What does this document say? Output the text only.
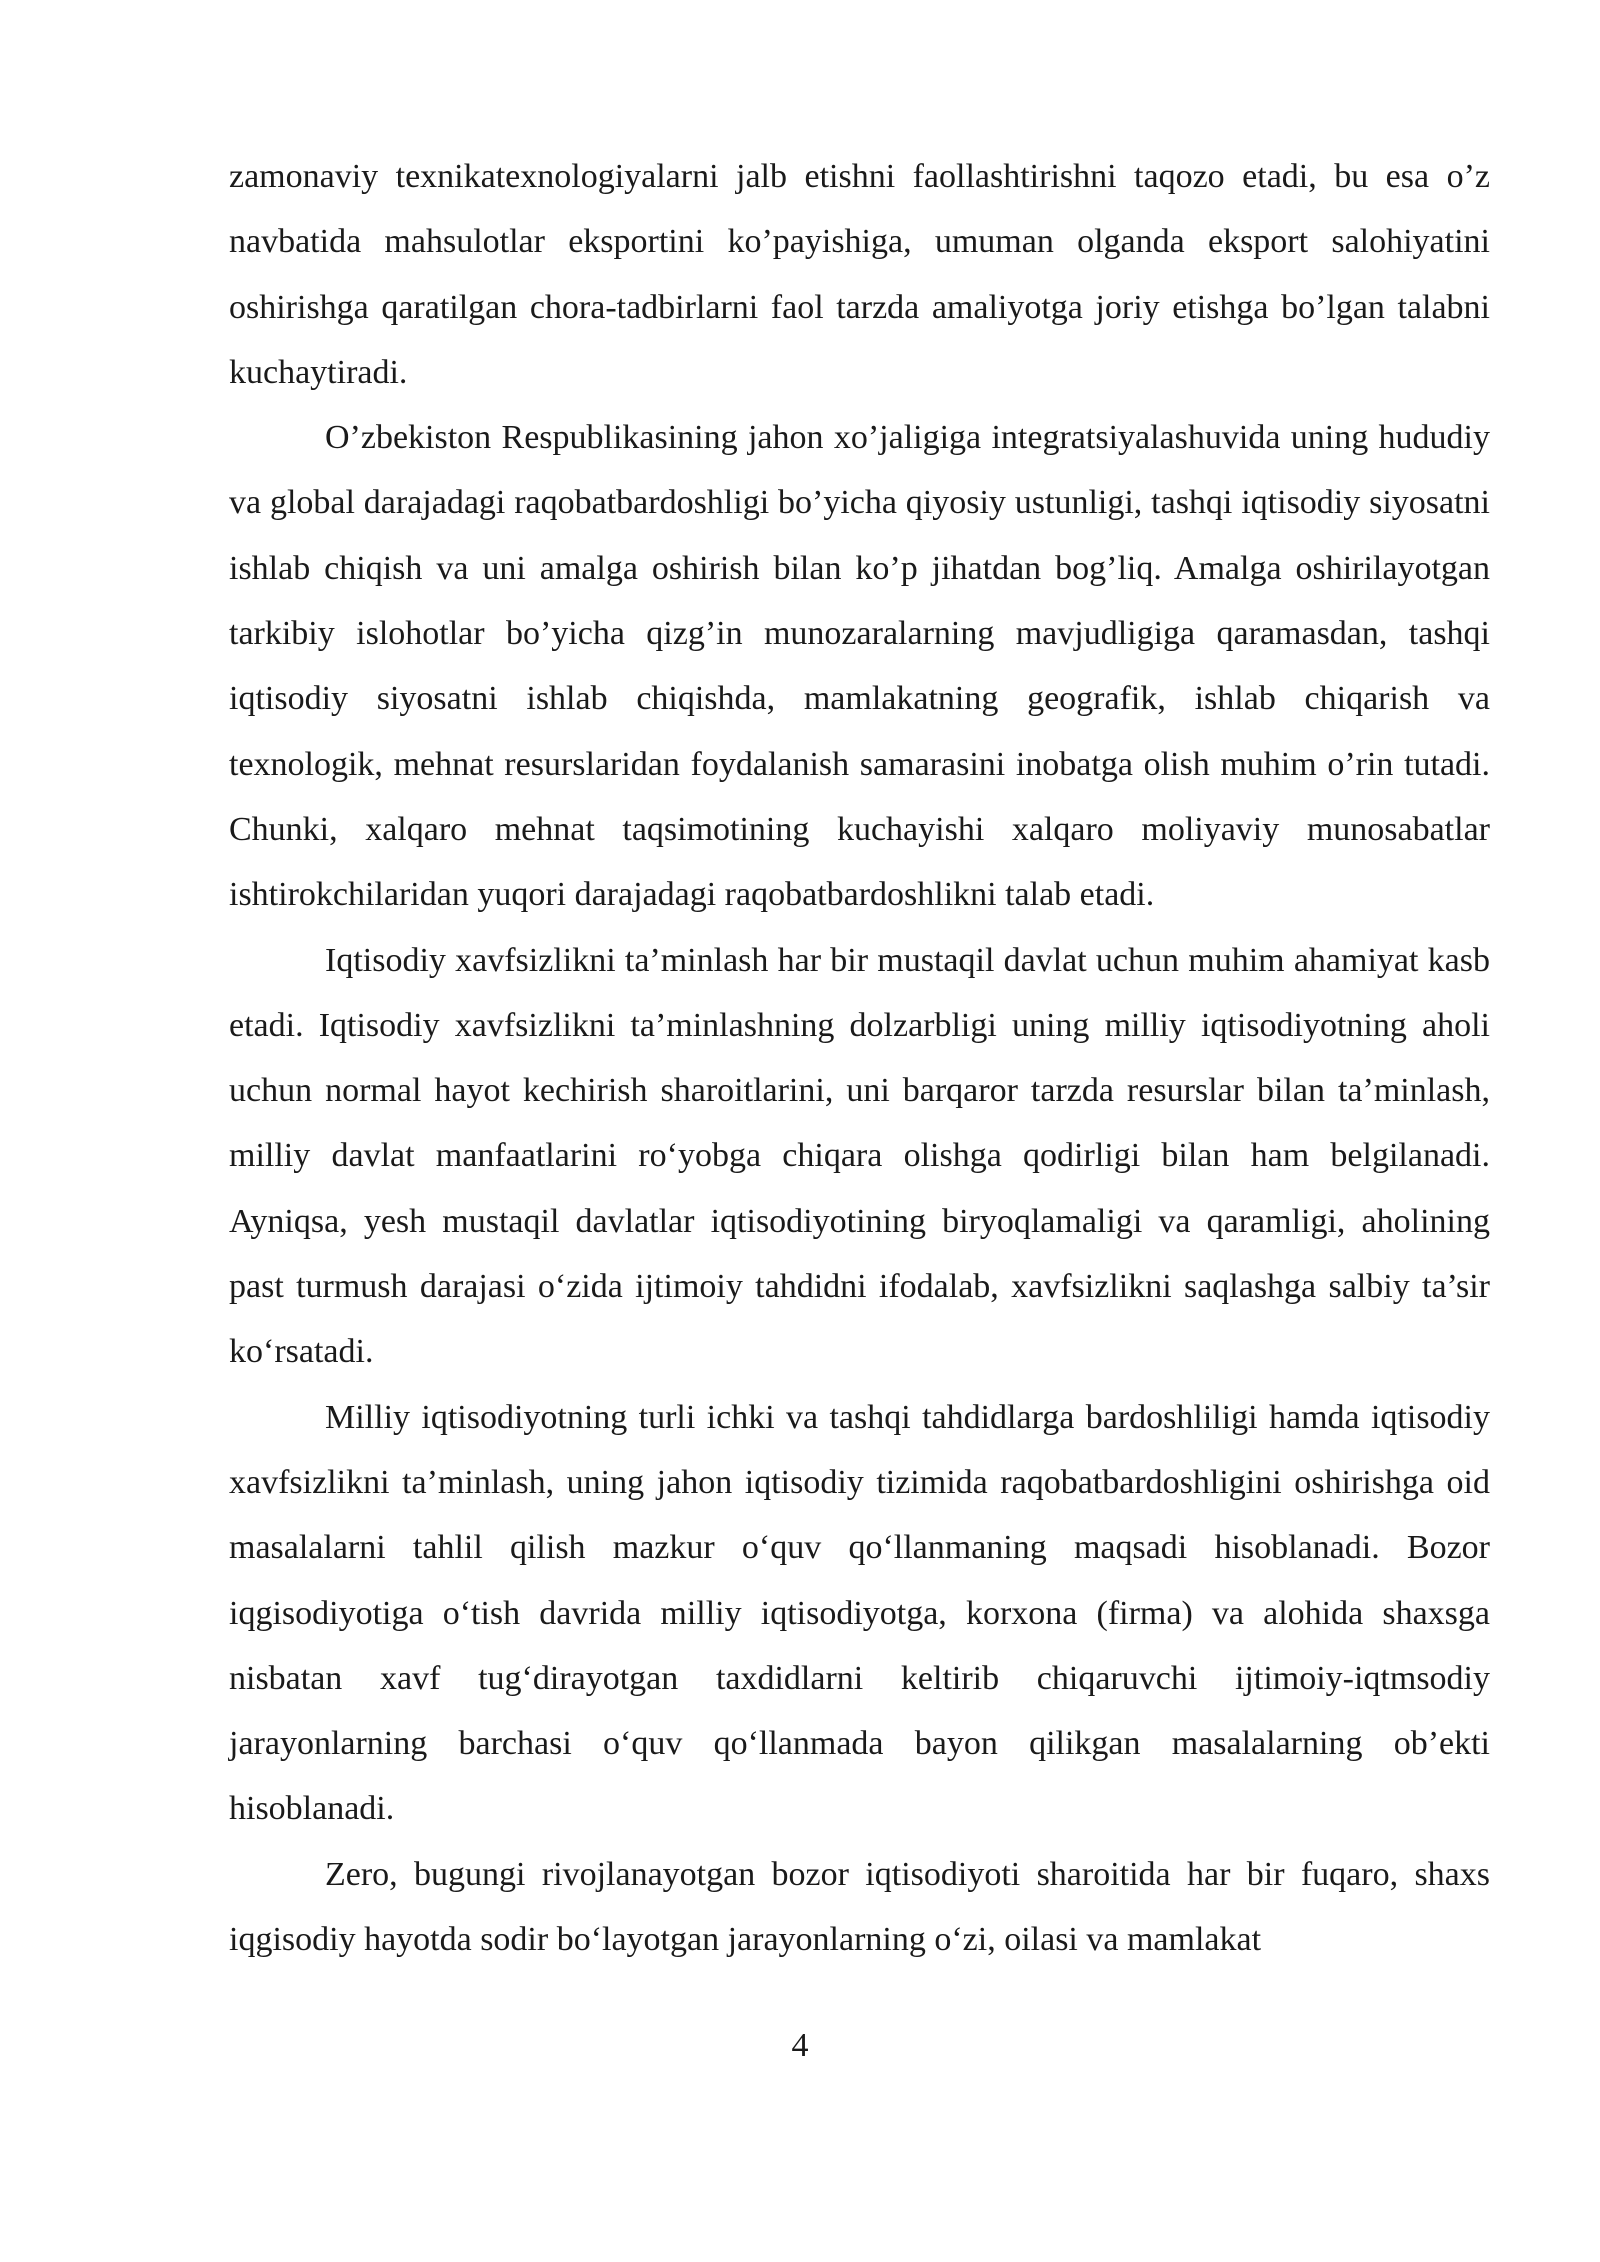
zamonaviy texnikatexnologiyalarni jalb etishni faollashtirishni taqozo etadi, bu esa o’z navbatida mahsulotlar eksportini ko’payishiga, umuman olganda eksport salohiyatini oshirishga qaratilgan chora-tadbirlarni faol tarzda amaliyotga joriy etishga bo’lgan talabni kuchaytiradi.

O’zbekiston Respublikasining jahon xo’jaligiga integratsiyalashuvida uning hududiy va global darajadagi raqobatbardoshligi bo’yicha qiyosiy ustunligi, tashqi iqtisodiy siyosatni ishlab chiqish va uni amalga oshirish bilan ko’p jihatdan bog’liq. Amalga oshirilayotgan tarkibiy islohotlar bo’yicha qizg’in munozaralarning mavjudligiga qaramasdan, tashqi iqtisodiy siyosatni ishlab chiqishda, mamlakatning geografik, ishlab chiqarish va texnologik, mehnat resurslaridan foydalanish samarasini inobatga olish muhim o’rin tutadi. Chunki, xalqaro mehnat taqsimotining kuchayishi xalqaro moliyaviy munosabatlar ishtirokchilaridan yuqori darajadagi raqobatbardoshlikni talab etadi.

Iqtisodiy xavfsizlikni ta’minlash har bir mustaqil davlat uchun muhim ahamiyat kasb etadi. Iqtisodiy xavfsizlikni ta’minlashning dolzarbligi uning milliy iqtisodiyotning aholi uchun normal hayot kechirish sharoitlarini, uni barqaror tarzda resurslar bilan ta’minlash, milliy davlat manfaatlarini ro‘yobga chiqara olishga qodirligi bilan ham belgilanadi. Ayniqsa, yesh mustaqil davlatlar iqtisodiyotining biryoqlamaligi va qaramligi, aholining past turmush darajasi o‘zida ijtimoiy tahdidni ifodalab, xavfsizlikni saqlashga salbiy ta’sir ko‘rsatadi.

Milliy iqtisodiyotning turli ichki va tashqi tahdidlarga bardoshliligi hamda iqtisodiy xavfsizlikni ta’minlash, uning jahon iqtisodiy tizimida raqobatbardoshligini oshirishga oid masalalarni tahlil qilish mazkur o‘quv qo‘llanmaning maqsadi hisoblanadi. Bozor iqgisodiyotiga o‘tish davrida milliy iqtisodiyotga, korxona (firma) va alohida shaxsga nisbatan xavf tug‘dirayotgan taxdidlarni keltirib chiqaruvchi ijtimoiy-iqtmsodiy jarayonlarning barchasi o‘quv qo‘llanmada bayon qilikgan masalalarning ob’ekti hisoblanadi.

Zero, bugungi rivojlanayotgan bozor iqtisodiyoti sharoitida har bir fuqaro, shaxs iqgisodiy hayotda sodir bo‘layotgan jarayonlarning o‘zi, oilasi va mamlakat

4
